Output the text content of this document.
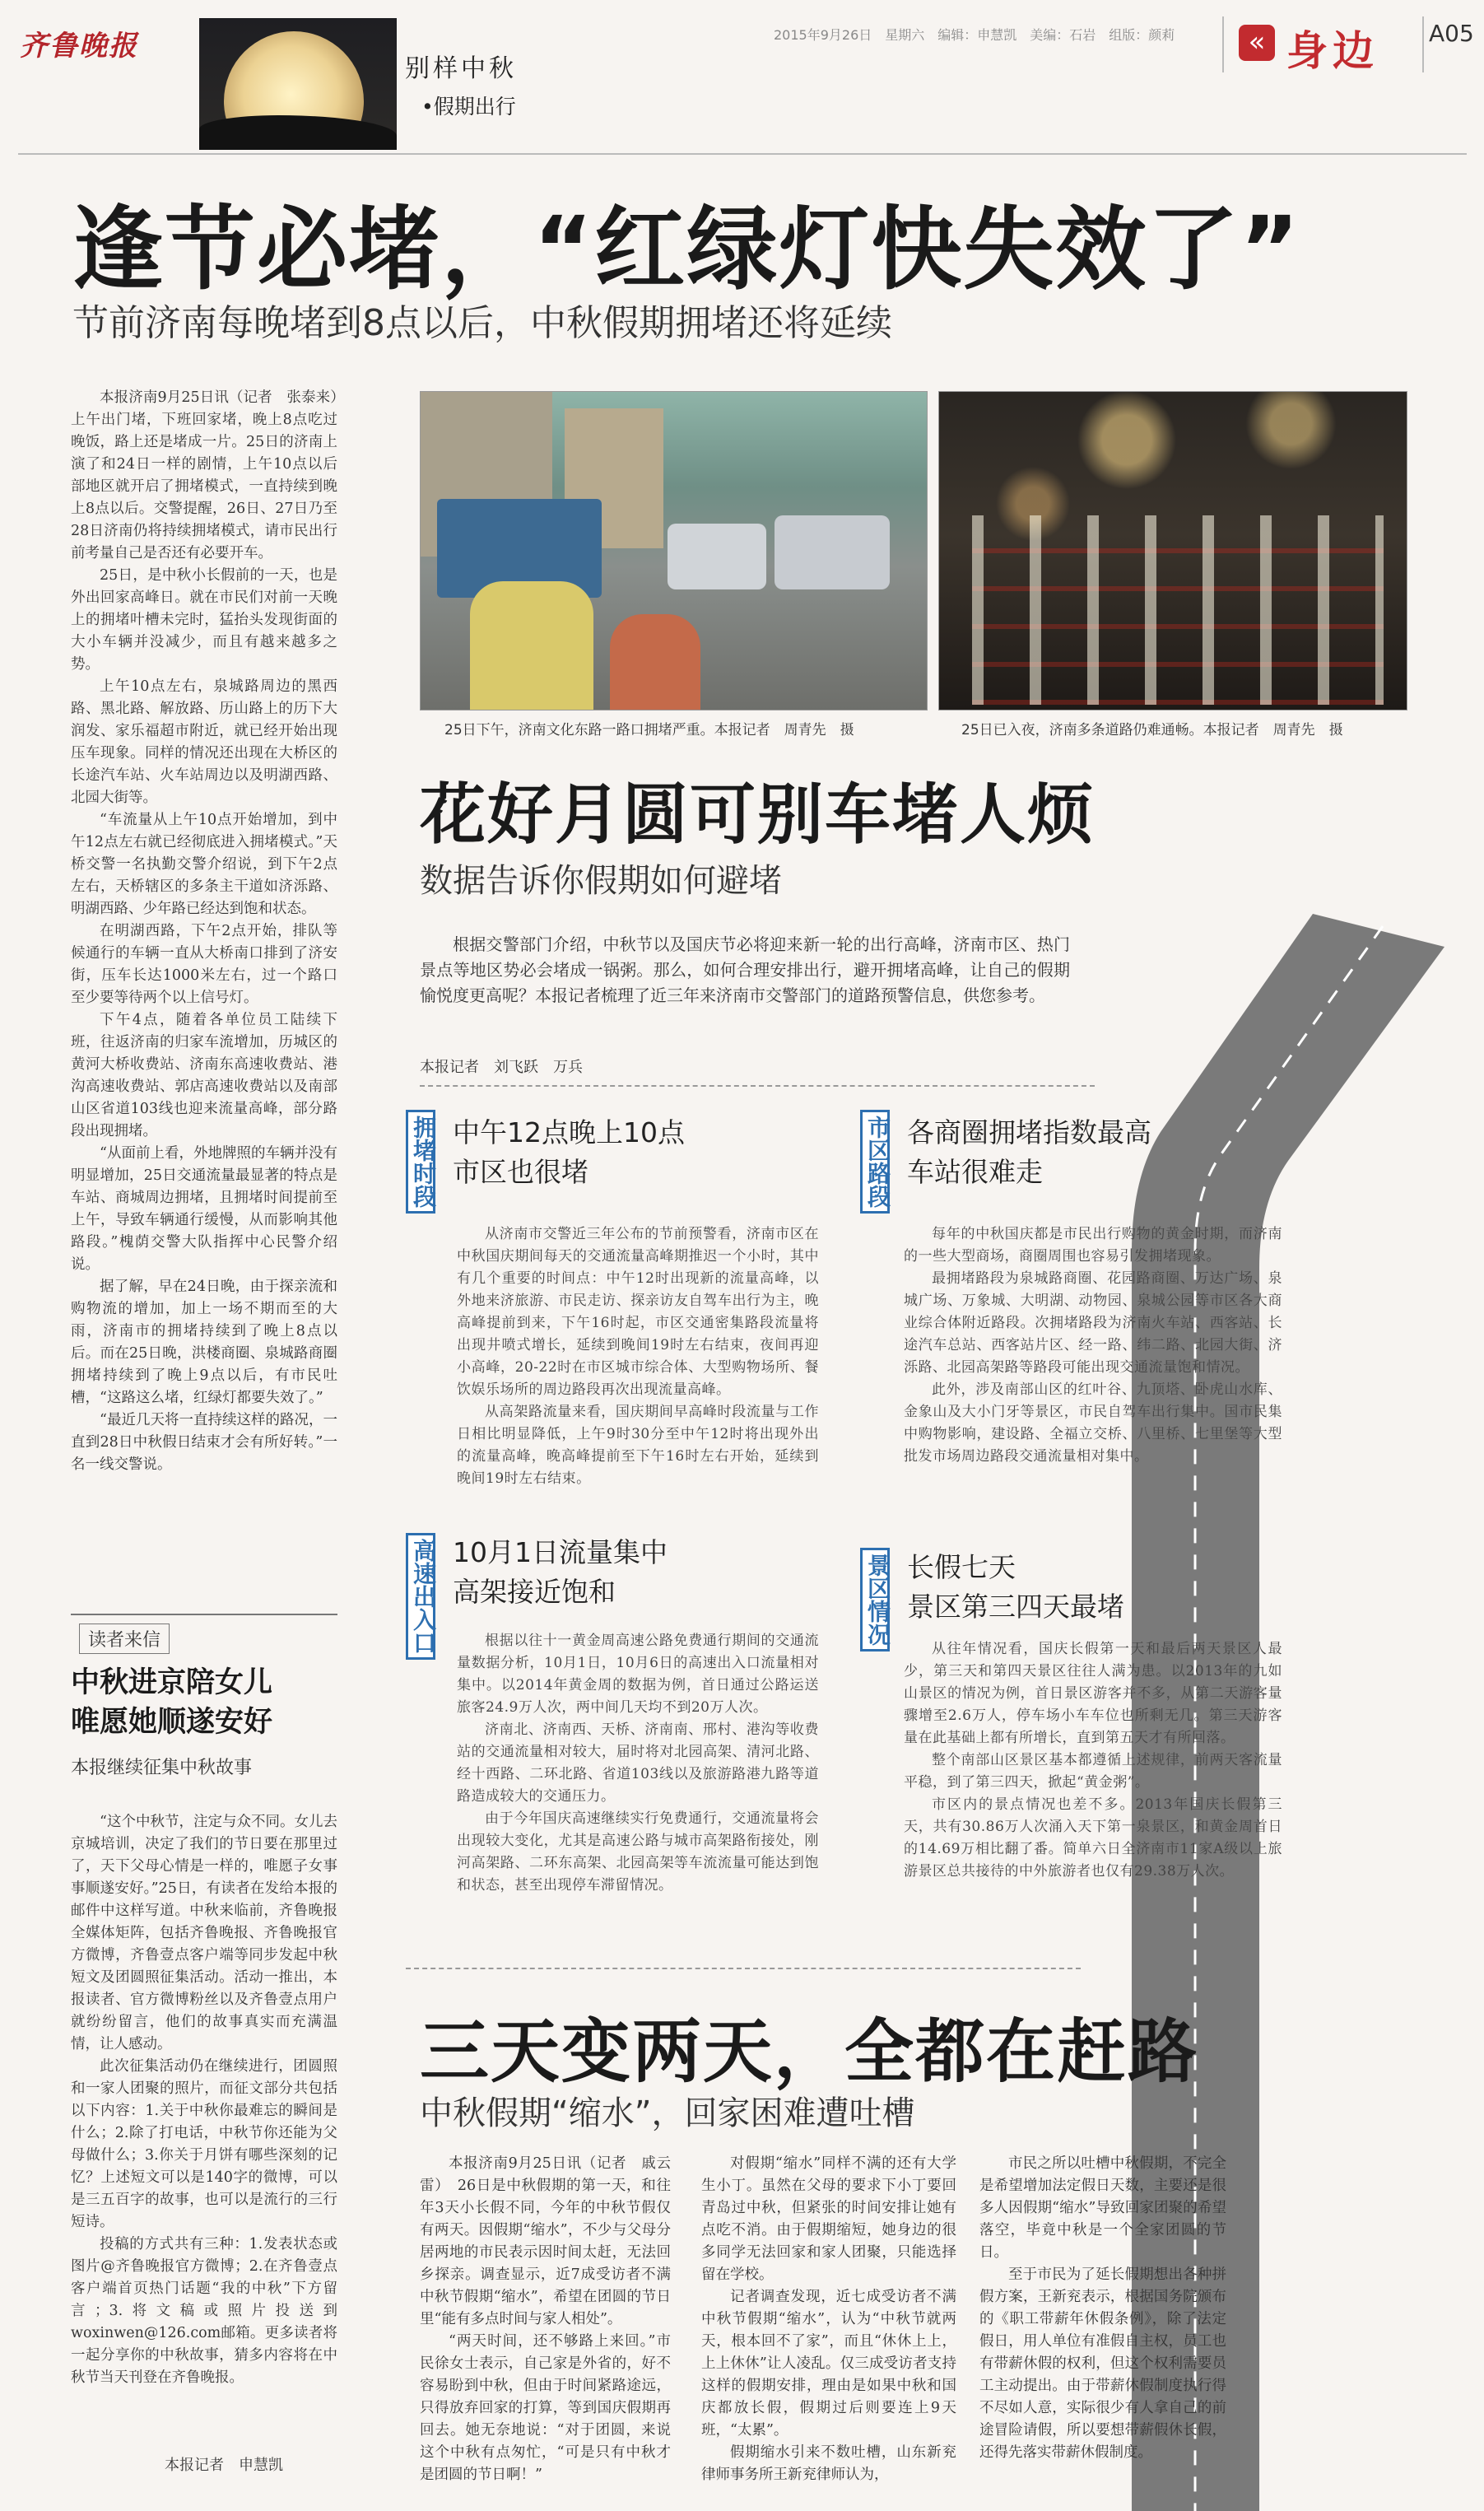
齐鲁晚报
别样中秋
•假期出行
2015年9月26日　星期六　编辑：申慧凯　美编：石岩　组版：颜莉	« 身边 A05
逢节必堵，“红绿灯快失效了”
节前济南每晚堵到8点以后，中秋假期拥堵还将延续

本报济南9月25日讯（记者　张泰来）　上午出门堵，下班回家堵，晚上8点吃过晚饭，路上还是堵成一片。25日的济南上演了和24日一样的剧情，上午10点以后部地区就开启了拥堵模式，一直持续到晚上8点以后。交警提醒，26日、27日乃至28日济南仍将持续拥堵模式，请市民出行前考量自己是否还有必要开车。

25日，是中秋小长假前的一天，也是外出回家高峰日。就在市民们对前一天晚上的拥堵叶槽未完时，猛抬头发现街面的大小车辆并没减少，而且有越来越多之势。

上午10点左右，泉城路周边的黑西路、黑北路、解放路、历山路上的历下大润发、家乐福超市附近，就已经开始出现压车现象。同样的情况还出现在大桥区的长途汽车站、火车站周边以及明湖西路、北园大街等。

“车流量从上午10点开始增加，到中午12点左右就已经彻底进入拥堵模式。”天桥交警一名执勤交警介绍说，到下午2点左右，天桥辖区的多条主干道如济泺路、明湖西路、少年路已经达到饱和状态。

在明湖西路，下午2点开始，排队等候通行的车辆一直从大桥南口排到了济安街，压车长达1000米左右，过一个路口至少要等待两个以上信号灯。

下午4点，随着各单位员工陆续下班，往返济南的归家车流增加，历城区的黄河大桥收费站、济南东高速收费站、港沟高速收费站、郭店高速收费站以及南部山区省道103线也迎来流量高峰，部分路段出现拥堵。

“从面前上看，外地牌照的车辆并没有明显增加，25日交通流量最显著的特点是车站、商城周边拥堵，且拥堵时间提前至上午，导致车辆通行缓慢，从而影响其他路段。”槐荫交警大队指挥中心民警介绍说。

据了解，早在24日晚，由于探亲流和购物流的增加，加上一场不期而至的大雨，济南市的拥堵持续到了晚上8点以后。而在25日晚，洪楼商圈、泉城路商圈拥堵持续到了晚上9点以后，有市民吐槽，“这路这么堵，红绿灯都要失效了。”

“最近几天将一直持续这样的路况，一直到28日中秋假日结束才会有所好转。”一名一线交警说。

25日下午，济南文化东路一路口拥堵严重。本报记者　周青先　摄	25日已入夜，济南多条道路仍难通畅。本报记者　周青先　摄
花好月圆可别车堵人烦
数据告诉你假期如何避堵

根据交警部门介绍，中秋节以及国庆节必将迎来新一轮的出行高峰，济南市区、热门景点等地区势必会堵成一锅粥。那么，如何合理安排出行，避开拥堵高峰，让自己的假期愉悦度更高呢？本报记者梳理了近三年来济南市交警部门的道路预警信息，供您参考。

本报记者　刘飞跃　万兵
拥堵时段 中午12点晚上10点
市区也很堵

从济南市交警近三年公布的节前预警看，济南市区在中秋国庆期间每天的交通流量高峰期推迟一个小时，其中有几个重要的时间点：中午12时出现新的流量高峰，以外地来济旅游、市民走访、探亲访友自驾车出行为主，晚高峰提前到来，下午16时起，市区交通密集路段流量将出现井喷式增长，延续到晚间19时左右结束，夜间再迎小高峰，20-22时在市区城市综合体、大型购物场所、餐饮娱乐场所的周边路段再次出现流量高峰。

从高架路流量来看，国庆期间早高峰时段流量与工作日相比明显降低，上午9时30分至中午12时将出现外出的流量高峰，晚高峰提前至下午16时左右开始，延续到晚间19时左右结束。

市区路段 各商圈拥堵指数最高
车站很难走

每年的中秋国庆都是市民出行购物的黄金时期，而济南的一些大型商场，商圈周围也容易引发拥堵现象。

最拥堵路段为泉城路商圈、花园路商圈、万达广场、泉城广场、万象城、大明湖、动物园、泉城公园等市区各大商业综合体附近路段。次拥堵路段为济南火车站、西客站、长途汽车总站、西客站片区、经一路、纬二路、北园大街、济泺路、北园高架路等路段可能出现交通流量饱和情况。

此外，涉及南部山区的红叶谷、九顶塔、卧虎山水库、金象山及大小门牙等景区，市民自驾车出行集中。国市民集中购物影响，建设路、全福立交桥、八里桥、七里堡等大型批发市场周边路段交通流量相对集中。

高速出入口 10月1日流量集中
高架接近饱和

根据以往十一黄金周高速公路免费通行期间的交通流量数据分析，10月1日，10月6日的高速出入口流量相对集中。以2014年黄金周的数据为例，首日通过公路运送旅客24.9万人次，两中间几天均不到20万人次。

济南北、济南西、天桥、济南南、邢村、港沟等收费站的交通流量相对较大，届时将对北园高架、清河北路、经十西路、二环北路、省道103线以及旅游路港九路等道路造成较大的交通压力。

由于今年国庆高速继续实行免费通行，交通流量将会出现较大变化，尤其是高速公路与城市高架路衔接处，刚河高架路、二环东高架、北园高架等车流流量可能达到饱和状态，甚至出现停车滞留情况。

景区情况 长假七天
景区第三四天最堵

从往年情况看，国庆长假第一天和最后两天景区人最少，第三天和第四天景区往往人满为患。以2013年的九如山景区的情况为例，首日景区游客并不多，从第二天游客量骤增至2.6万人，停车场小车车位也所剩无几。第三天游客量在此基础上都有所增长，直到第五天才有所回落。

整个南部山区景区基本都遵循上述规律，前两天客流量平稳，到了第三四天，掀起“黄金粥”。

市区内的景点情况也差不多。2013年国庆长假第三天，共有30.86万人次涌入天下第一泉景区，和黄金周首日的14.69万相比翻了番。简单六日全济南市11家A级以上旅游景区总共接待的中外旅游者也仅有29.38万人次。

读者来信
中秋进京陪女儿
唯愿她顺遂安好
本报继续征集中秋故事

“这个中秋节，注定与众不同。女儿去京城培训，决定了我们的节日要在那里过了，天下父母心情是一样的，唯愿子女事事顺遂安好。”25日，有读者在发给本报的邮件中这样写道。中秋来临前，齐鲁晚报全媒体矩阵，包括齐鲁晚报、齐鲁晚报官方微博，齐鲁壹点客户端等同步发起中秋短文及团圆照征集活动。活动一推出，本报读者、官方微博粉丝以及齐鲁壹点用户就纷纷留言，他们的故事真实而充满温情，让人感动。

此次征集活动仍在继续进行，团圆照和一家人团聚的照片，而征文部分共包括以下内容：1.关于中秋你最难忘的瞬间是什么；2.除了打电话，中秋节你还能为父母做什么；3.你关于月饼有哪些深刻的记忆？上述短文可以是140字的微博，可以是三五百字的故事，也可以是流行的三行短诗。

投稿的方式共有三种：1.发表状态或图片@齐鲁晚报官方微博；2.在齐鲁壹点客户端首页热门话题“我的中秋”下方留言；3.将文稿或照片投送到woxinwen@126.com邮箱。更多读者将一起分享你的中秋故事，猜多内容将在中秋节当天刊登在齐鲁晚报。

本报记者　申慧凯
三天变两天，全都在赶路
中秋假期“缩水”，回家困难遭吐槽

本报济南9月25日讯（记者　戚云雷）　26日是中秋假期的第一天，和往年3天小长假不同，今年的中秋节假仅有两天。因假期“缩水”，不少与父母分居两地的市民表示因时间太赶，无法回乡探亲。调查显示，近7成受访者不满中秋节假期“缩水”，希望在团圆的节日里“能有多点时间与家人相处”。

“两天时间，还不够路上来回。”市民徐女士表示，自己家是外省的，好不容易盼到中秋，但由于时间紧路途远，只得放弃回家的打算，等到国庆假期再回去。她无奈地说：“对于团圆，来说这个中秋有点匆忙，“可是只有中秋才是团圆的节日啊！”

对假期“缩水”同样不满的还有大学生小丁。虽然在父母的要求下小丁要回青岛过中秋，但紧张的时间安排让她有点吃不消。由于假期缩短，她身边的很多同学无法回家和家人团聚，只能选择留在学校。

记者调查发现，近七成受访者不满中秋节假期“缩水”，认为“中秋节就两天，根本回不了家”，而且“休休上上，上上休休”让人凌乱。仅三成受访者支持这样的假期安排，理由是如果中秋和国庆都放长假，假期过后则要连上9天班，“太累”。

假期缩水引来不数吐槽，山东新兖律师事务所王新兖律师认为，

市民之所以吐槽中秋假期，不完全是希望增加法定假日天数，主要还是很多人因假期“缩水”导致回家团聚的希望落空，毕竟中秋是一个全家团圆的节日。

至于市民为了延长假期想出各种拼假方案，王新兖表示，根据国务院颁布的《职工带薪年休假条例》，除了法定假日，用人单位有准假自主权，员工也有带薪休假的权利，但这个权利需要员工主动提出。由于带薪休假制度执行得不尽如人意，实际很少有人拿自己的前途冒险请假，所以要想带薪假休长假，还得先落实带薪休假制度。
